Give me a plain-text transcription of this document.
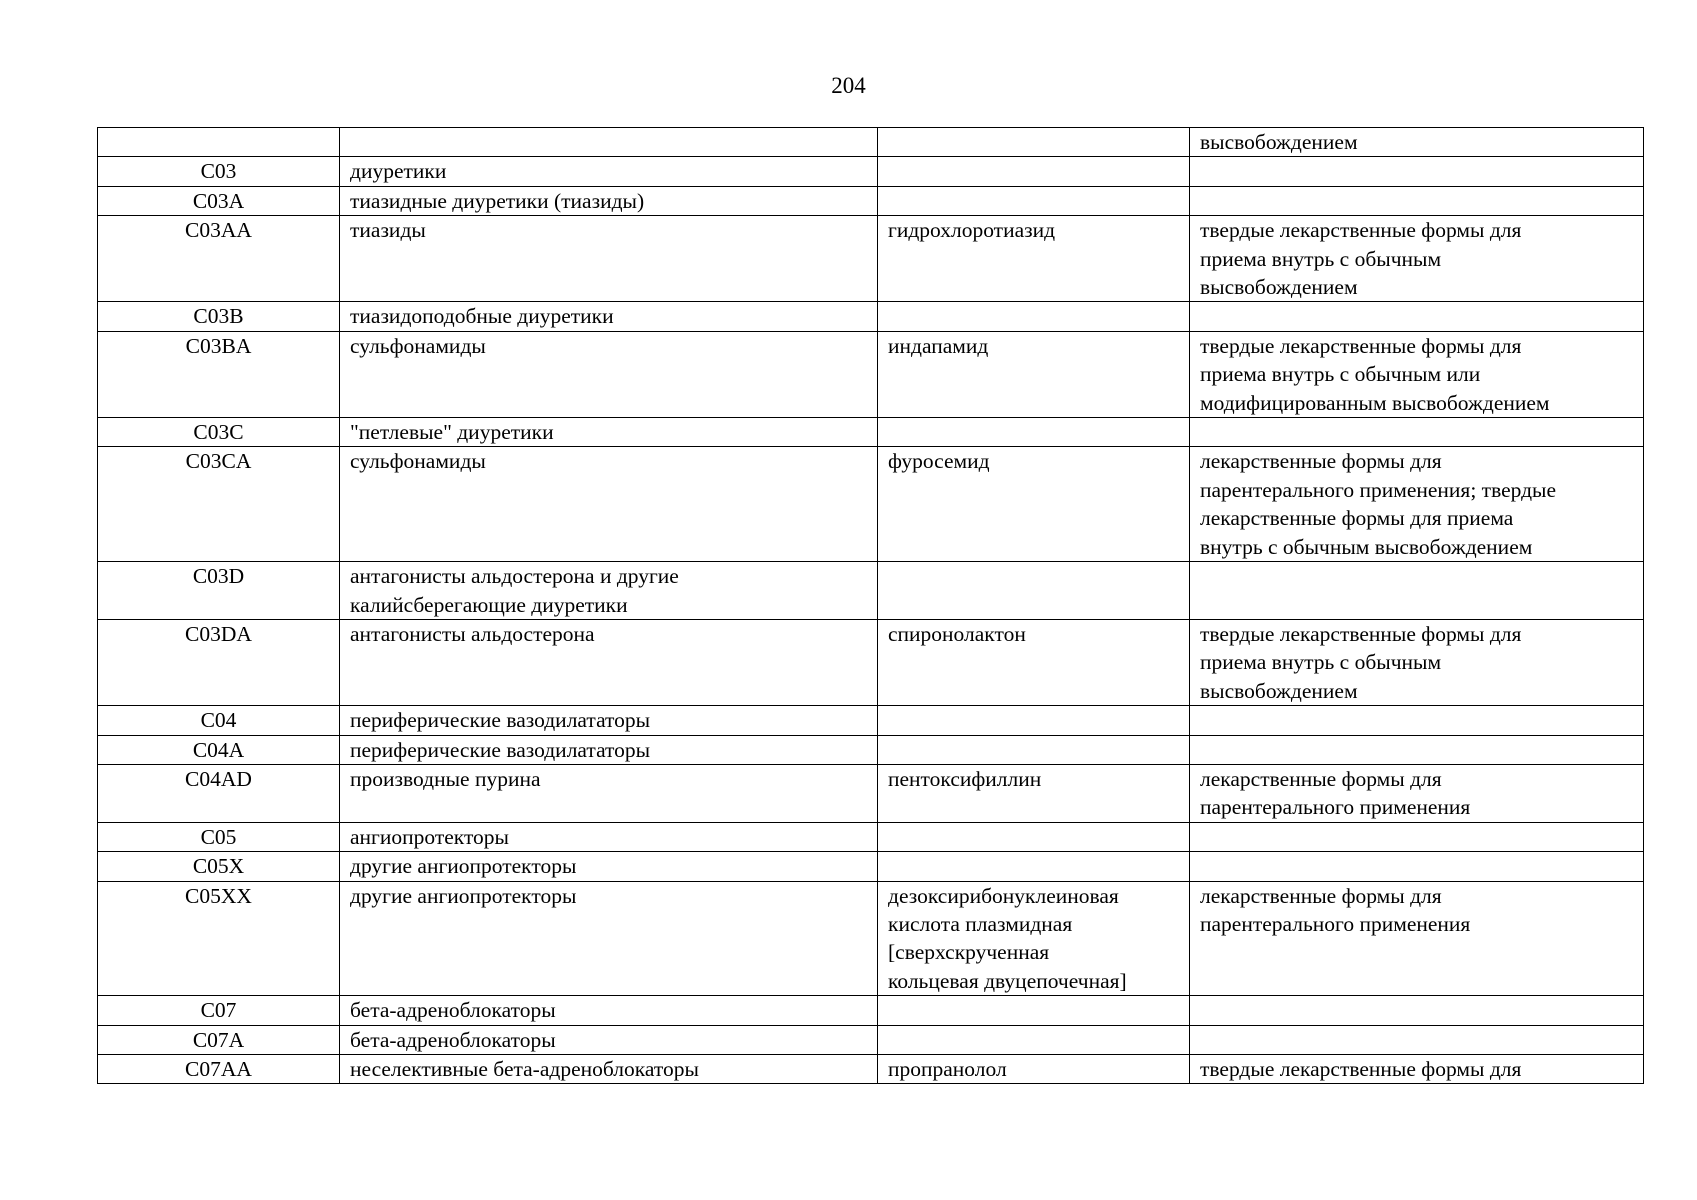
204
			высвобождением
C03	диуретики		
C03A	тиазидные диуретики (тиазиды)		
C03AA	тиазиды	гидрохлоротиазид	твердые лекарственные формы для
приема внутрь с обычным
высвобождением
C03B	тиазидоподобные диуретики		
C03BA	сульфонамиды	индапамид	твердые лекарственные формы для
приема внутрь с обычным или
модифицированным высвобождением
C03C	"петлевые" диуретики		
C03CA	сульфонамиды	фуросемид	лекарственные формы для
парентерального применения; твердые
лекарственные формы для приема
внутрь с обычным высвобождением
C03D	антагонисты альдостерона и другие
калийсберегающие диуретики		
C03DA	антагонисты альдостерона	спиронолактон	твердые лекарственные формы для
приема внутрь с обычным
высвобождением
C04	периферические вазодилататоры		
C04A	периферические вазодилататоры		
C04AD	производные пурина	пентоксифиллин	лекарственные формы для
парентерального применения
C05	ангиопротекторы		
C05X	другие ангиопротекторы		
C05XX	другие ангиопротекторы	дезоксирибонуклеиновая
кислота плазмидная
[сверхскрученная
кольцевая двуцепочечная]	лекарственные формы для
парентерального применения
C07	бета-адреноблокаторы		
C07A	бета-адреноблокаторы		
C07AA	неселективные бета-адреноблокаторы	пропранолол	твердые лекарственные формы для
